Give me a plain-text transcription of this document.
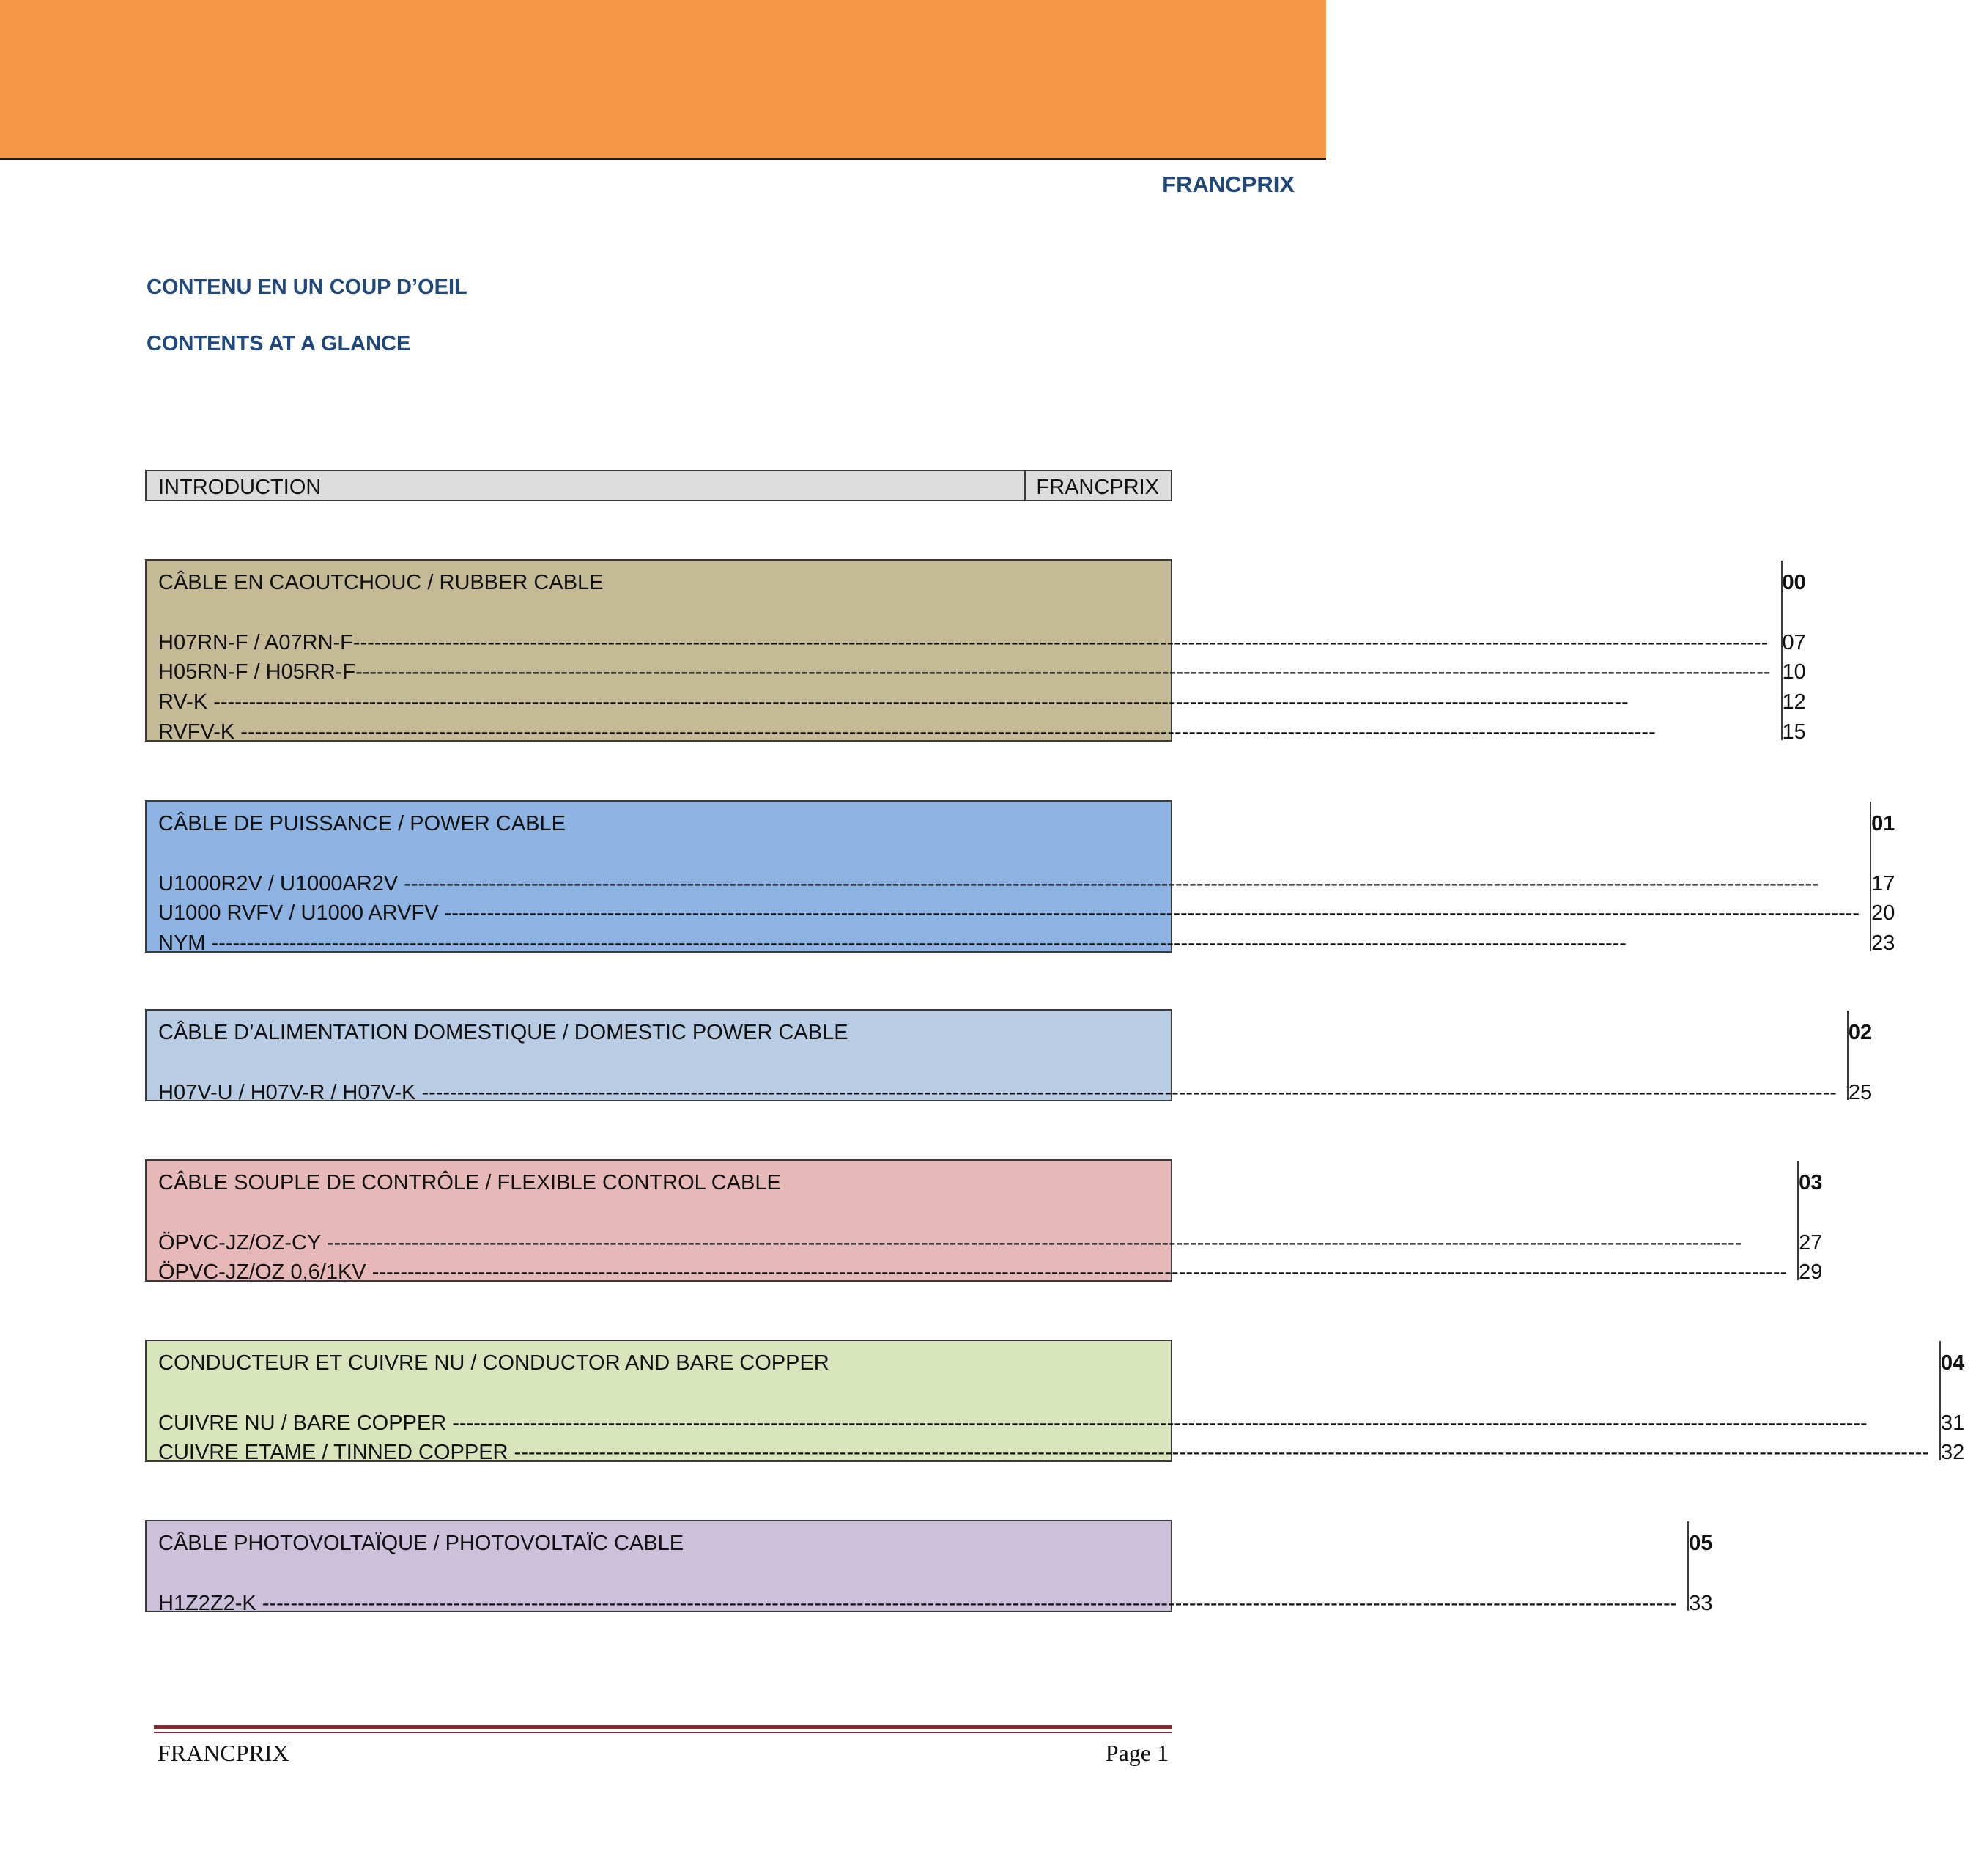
FRANCPRIX
CONTENU EN UN COUP D’OEIL
CONTENTS AT A GLANCE
INTRODUCTION	FRANCPRIX
CÂBLE EN CAOUTCHOUC / RUBBER CABLE
H07RN-F / A07RN-F--------------------------------------------------------------------------------------------------------------------------------------------------------------------------------------------------------
H05RN-F / H05RR-F--------------------------------------------------------------------------------------------------------------------------------------------------------------------------------------------------------
RV-K --------------------------------------------------------------------------------------------------------------------------------------------------------------------------------------------------------
RVFV-K --------------------------------------------------------------------------------------------------------------------------------------------------------------------------------------------------------
00
07
10
12
15
CÂBLE DE PUISSANCE / POWER CABLE
U1000R2V / U1000AR2V --------------------------------------------------------------------------------------------------------------------------------------------------------------------------------------------------------
U1000 RVFV / U1000 ARVFV --------------------------------------------------------------------------------------------------------------------------------------------------------------------------------------------------------
NYM --------------------------------------------------------------------------------------------------------------------------------------------------------------------------------------------------------
01
17
20
23
CÂBLE D’ALIMENTATION DOMESTIQUE / DOMESTIC POWER CABLE
H07V-U / H07V-R / H07V-K --------------------------------------------------------------------------------------------------------------------------------------------------------------------------------------------------------
02
25
CÂBLE SOUPLE DE CONTRÔLE / FLEXIBLE CONTROL CABLE
ÖPVC-JZ/OZ-CY --------------------------------------------------------------------------------------------------------------------------------------------------------------------------------------------------------
ÖPVC-JZ/OZ 0,6/1KV --------------------------------------------------------------------------------------------------------------------------------------------------------------------------------------------------------
03
27
29
CONDUCTEUR ET CUIVRE NU / CONDUCTOR AND BARE COPPER
CUIVRE NU / BARE COPPER --------------------------------------------------------------------------------------------------------------------------------------------------------------------------------------------------------
CUIVRE ETAME / TINNED COPPER --------------------------------------------------------------------------------------------------------------------------------------------------------------------------------------------------------
04
31
32
CÂBLE PHOTOVOLTAÏQUE / PHOTOVOLTAÏC CABLE
H1Z2Z2-K --------------------------------------------------------------------------------------------------------------------------------------------------------------------------------------------------------
05
33
FRANCPRIX	Page 1
